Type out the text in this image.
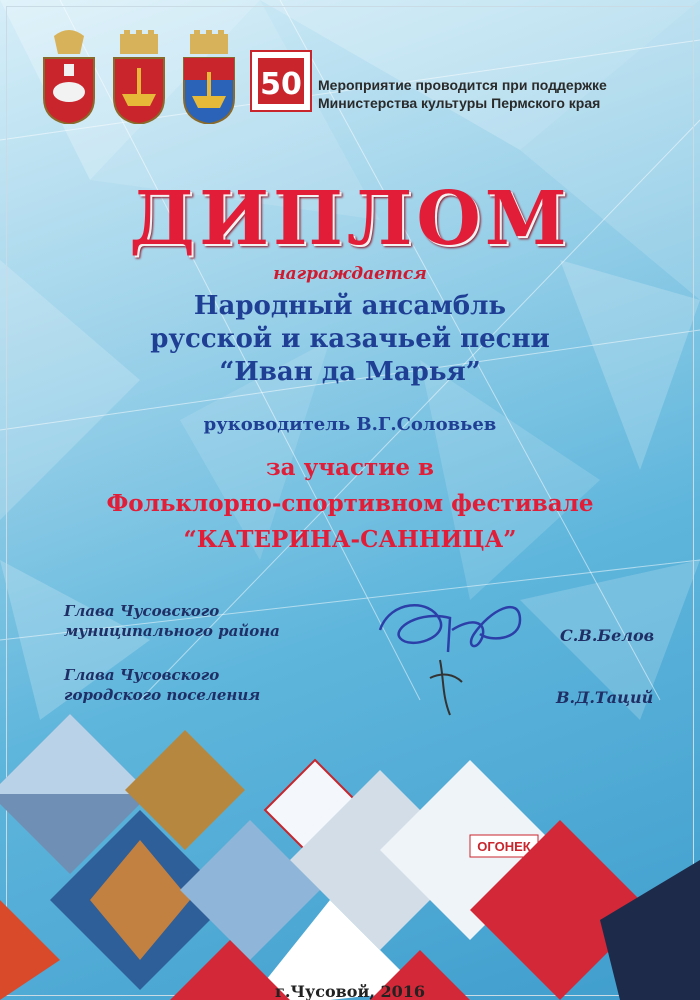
50 Мероприятие проводится при поддержке
Министерства культуры Пермского края
ДИПЛОМ
награждается
Народный ансамбль
русской и казачьей песни
“Иван да Марья”
руководитель В.Г.Соловьев
за участие в
Фольклорно-спортивном фестивале
“КАТЕРИНА-САННИЦА”
Глава Чусовского
муниципального района	С.В.Белов
Глава Чусовского
городского поселения	В.Д.Таций
ОГОНЕК
г.Чусовой, 2016
